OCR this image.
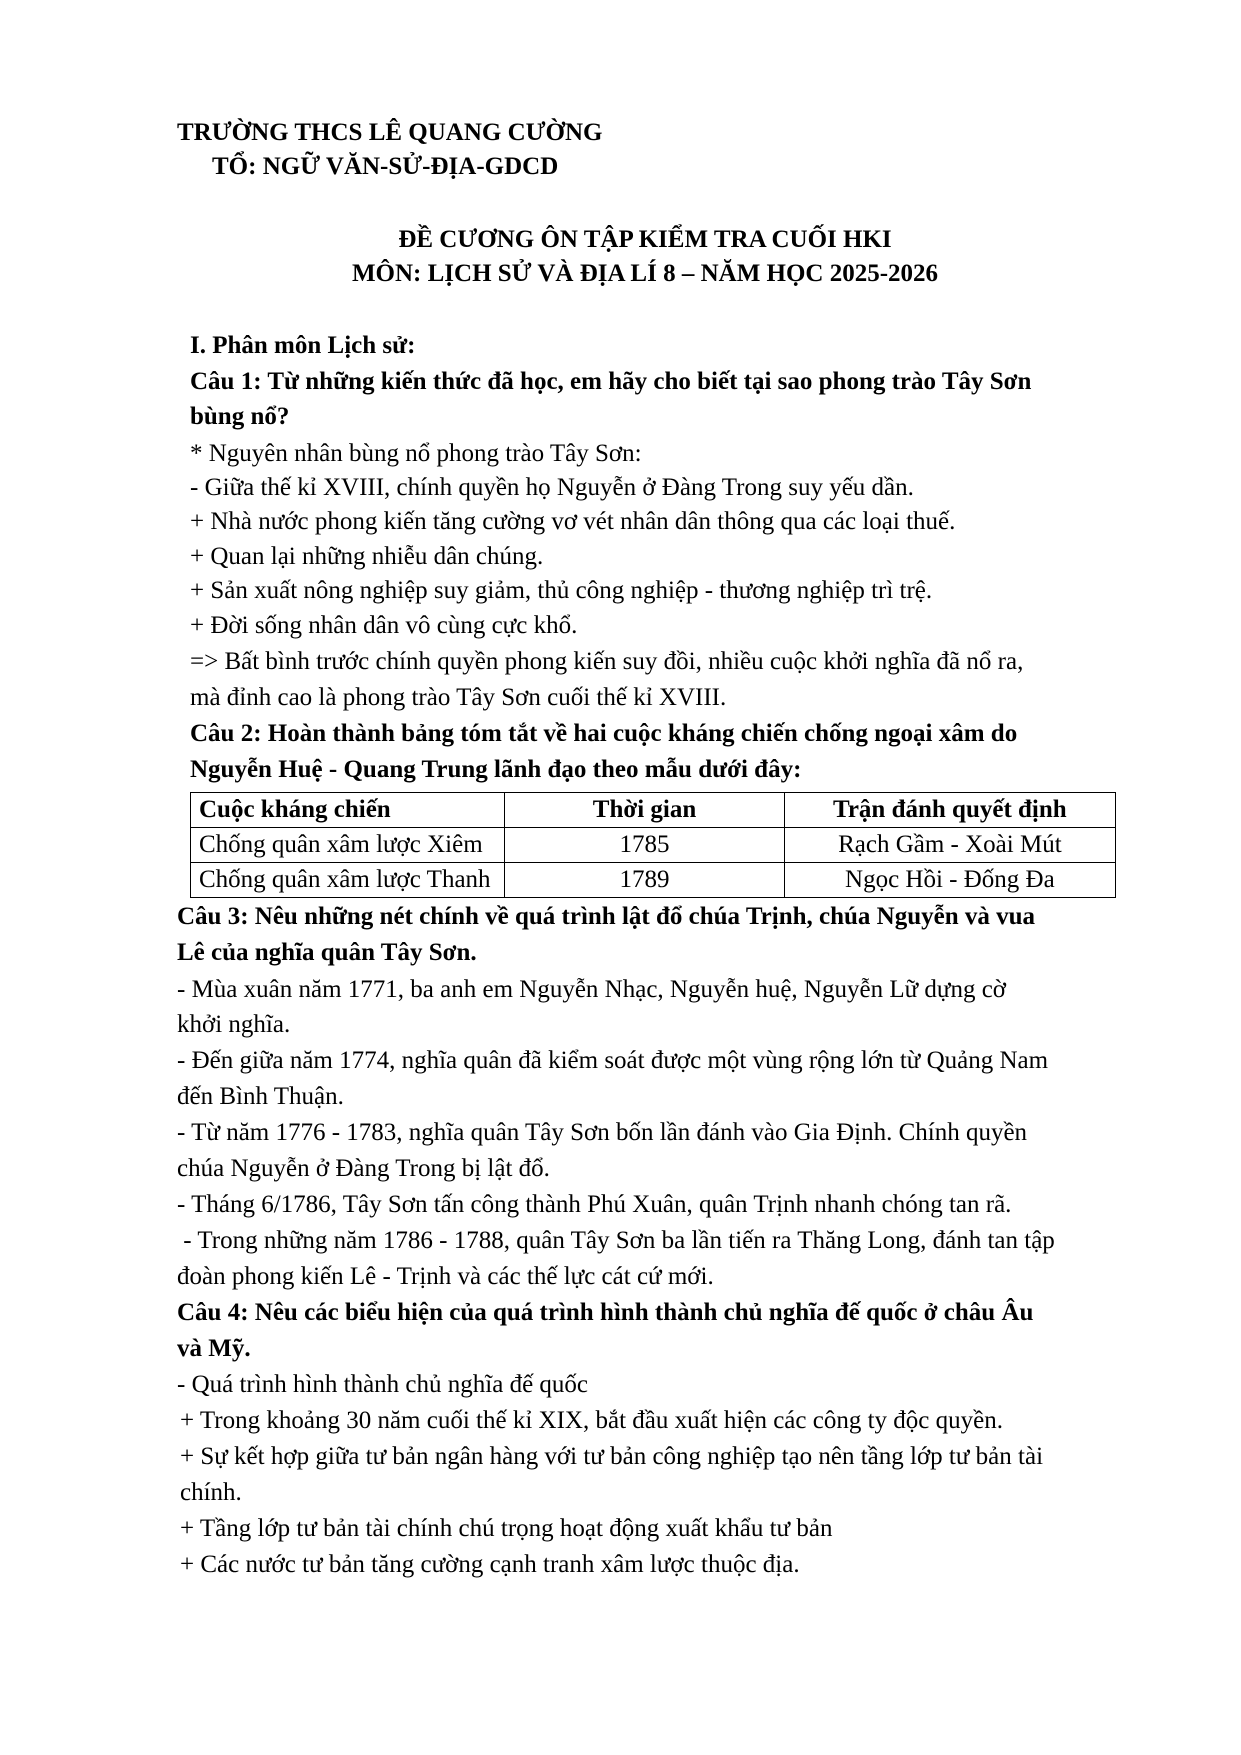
TRƯỜNG THCS LÊ QUANG CƯỜNG
TỔ: NGỮ VĂN-SỬ-ĐỊA-GDCD
ĐỀ CƯƠNG ÔN TẬP KIỂM TRA CUỐI HKI
MÔN: LỊCH SỬ VÀ ĐỊA LÍ 8 – NĂM HỌC 2025-2026
I. Phân môn Lịch sử:
Câu 1: Từ những kiến thức đã học, em hãy cho biết tại sao phong trào Tây Sơn
bùng nổ?
* Nguyên nhân bùng nổ phong trào Tây Sơn:
- Giữa thế kỉ XVIII, chính quyền họ Nguyễn ở Đàng Trong suy yếu dần.
+ Nhà nước phong kiến tăng cường vơ vét nhân dân thông qua các loại thuế.
+ Quan lại những nhiễu dân chúng.
+ Sản xuất nông nghiệp suy giảm, thủ công nghiệp - thương nghiệp trì trệ.
+ Đời sống nhân dân vô cùng cực khổ.
=> Bất bình trước chính quyền phong kiến suy đồi, nhiều cuộc khởi nghĩa đã nổ ra,
mà đỉnh cao là phong trào Tây Sơn cuối thế kỉ XVIII.
Câu 2: Hoàn thành bảng tóm tắt về hai cuộc kháng chiến chống ngoại xâm do
Nguyễn Huệ - Quang Trung lãnh đạo theo mẫu dưới đây:
Cuộc kháng chiến	Thời gian	Trận đánh quyết định
Chống quân xâm lược Xiêm	1785	Rạch Gầm - Xoài Mút
Chống quân xâm lược Thanh	1789	Ngọc Hồi - Đống Đa
Câu 3: Nêu những nét chính về quá trình lật đổ chúa Trịnh, chúa Nguyễn và vua
Lê của nghĩa quân Tây Sơn.
- Mùa xuân năm 1771, ba anh em Nguyễn Nhạc, Nguyễn huệ, Nguyễn Lữ dựng cờ
khởi nghĩa.
- Đến giữa năm 1774, nghĩa quân đã kiểm soát được một vùng rộng lớn từ Quảng Nam
đến Bình Thuận.
- Từ năm 1776 - 1783, nghĩa quân Tây Sơn bốn lần đánh vào Gia Định. Chính quyền
chúa Nguyễn ở Đàng Trong bị lật đổ.
- Tháng 6/1786, Tây Sơn tấn công thành Phú Xuân, quân Trịnh nhanh chóng tan rã.
- Trong những năm 1786 - 1788, quân Tây Sơn ba lần tiến ra Thăng Long, đánh tan tập
đoàn phong kiến Lê - Trịnh và các thế lực cát cứ mới.
Câu 4: Nêu các biểu hiện của quá trình hình thành chủ nghĩa đế quốc ở châu Âu
và Mỹ.
- Quá trình hình thành chủ nghĩa đế quốc
+ Trong khoảng 30 năm cuối thế kỉ XIX, bắt đầu xuất hiện các công ty độc quyền.
+ Sự kết hợp giữa tư bản ngân hàng với tư bản công nghiệp tạo nên tầng lớp tư bản tài
chính.
+ Tầng lớp tư bản tài chính chú trọng hoạt động xuất khẩu tư bản
+ Các nước tư bản tăng cường cạnh tranh xâm lược thuộc địa.
